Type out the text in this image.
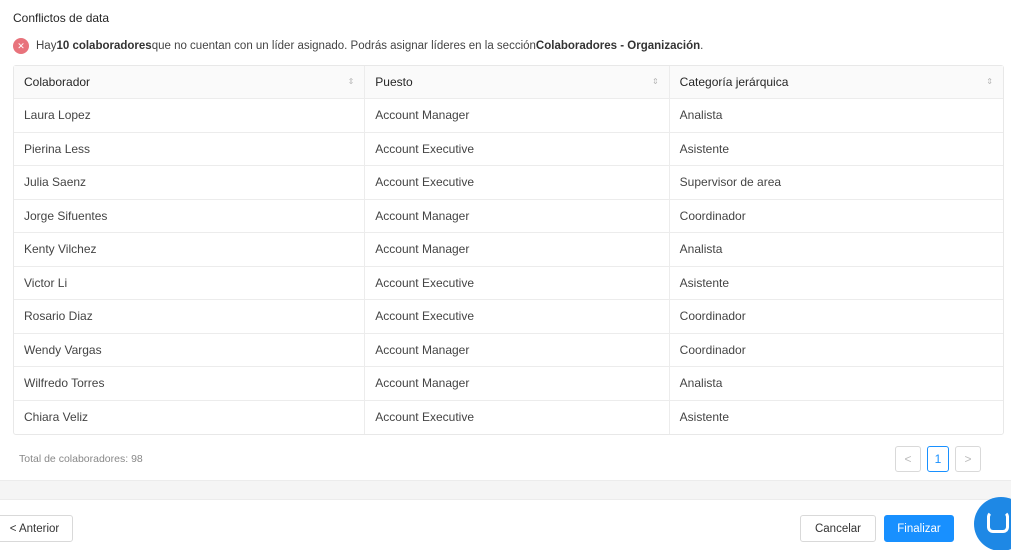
Conflictos de data
✕ Hay 10 colaboradores que no cuentan con un líder asignado. Podrás asignar líderes en la sección Colaboradores - Organización .
Colaborador	⇕ Puesto	⇕ Categoría jerárquica	⇕
Laura Lopez	Account Manager	Analista
Pierina Less	Account Executive	Asistente
Julia Saenz	Account Executive	Supervisor de area
Jorge Sifuentes	Account Manager	Coordinador
Kenty Vilchez	Account Manager	Analista
Victor Li	Account Executive	Asistente
Rosario Diaz	Account Executive	Coordinador
Wendy Vargas	Account Manager	Coordinador
Wilfredo Torres	Account Manager	Analista
Chiara Veliz	Account Executive	Asistente
Total de colaboradores: 98	<	1	>
< Anterior	Cancelar	Finalizar
